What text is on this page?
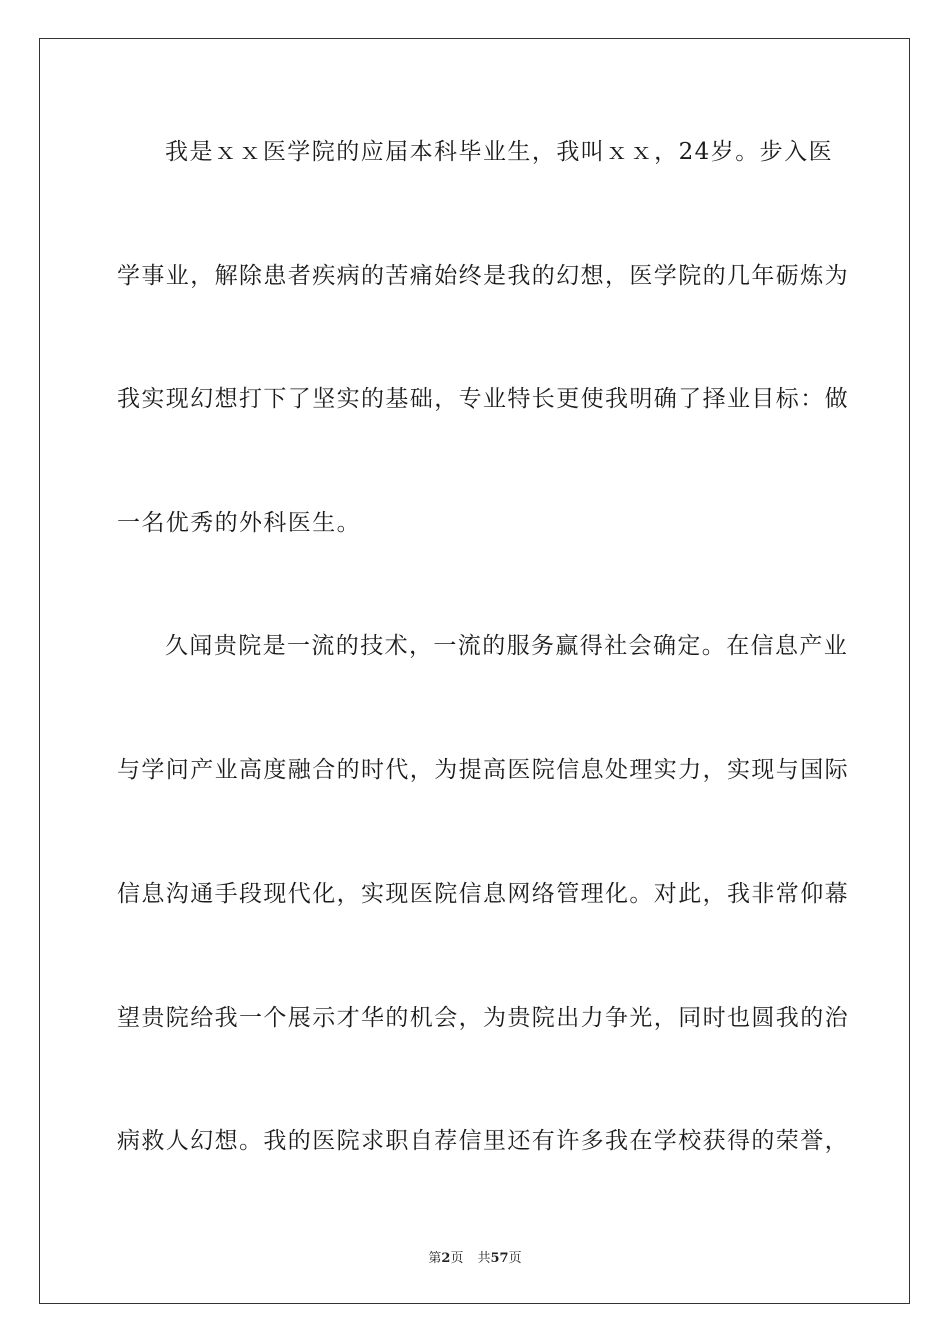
我是ｘｘ医学院的应届本科毕业生，我叫ｘｘ，24岁。步入医
学事业，解除患者疾病的苦痛始终是我的幻想，医学院的几年砺炼为
我实现幻想打下了坚实的基础，专业特长更使我明确了择业目标：做
一名优秀的外科医生。
久闻贵院是一流的技术，一流的服务赢得社会确定。在信息产业
与学问产业高度融合的时代，为提高医院信息处理实力，实现与国际
信息沟通手段现代化，实现医院信息网络管理化。对此，我非常仰幕
望贵院给我一个展示才华的机会，为贵院出力争光，同时也圆我的治
病救人幻想。我的医院求职自荐信里还有许多我在学校获得的荣誉，
第2页 共57页
